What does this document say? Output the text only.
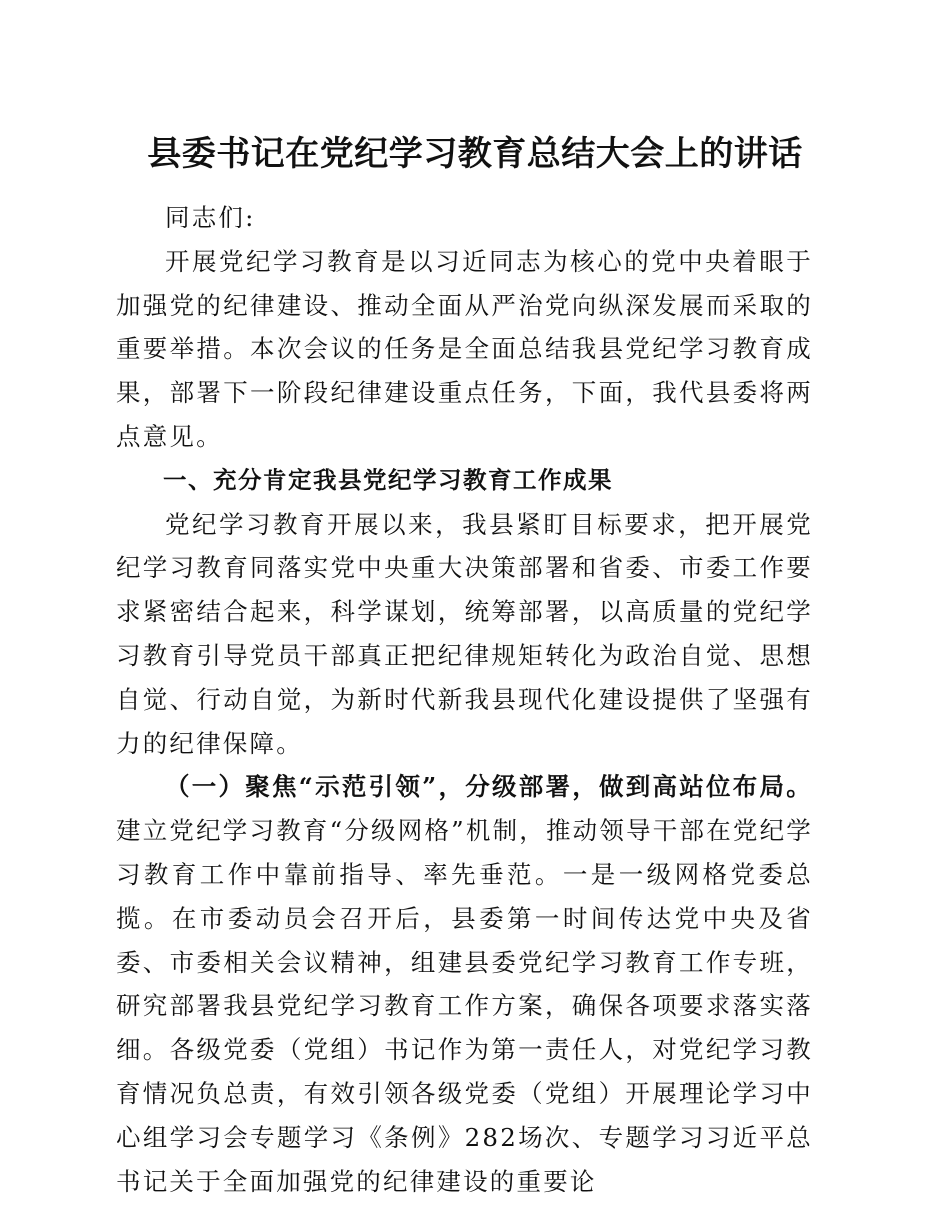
县委书记在党纪学习教育总结大会上的讲话

同志们:

开展党纪学习教育是以习近同志为核心的党中央着眼于加强党的纪律建设、推动全面从严治党向纵深发展而采取的重要举措。本次会议的任务是全面总结我县党纪学习教育成果，部署下一阶段纪律建设重点任务，下面，我代县委将两点意见。

一、充分肯定我县党纪学习教育工作成果

党纪学习教育开展以来，我县紧盯目标要求，把开展党纪学习教育同落实党中央重大决策部署和省委、市委工作要求紧密结合起来，科学谋划，统筹部署，以高质量的党纪学习教育引导党员干部真正把纪律规矩转化为政治自觉、思想自觉、行动自觉，为新时代新我县现代化建设提供了坚强有力的纪律保障。

（一）聚焦“示范引领”，分级部署，做到高站位布局。建立党纪学习教育“分级网格”机制，推动领导干部在党纪学习教育工作中靠前指导、率先垂范。一是一级网格党委总揽。在市委动员会召开后，县委第一时间传达党中央及省委、市委相关会议精神，组建县委党纪学习教育工作专班，研究部署我县党纪学习教育工作方案，确保各项要求落实落细。各级党委（党组）书记作为第一责任人，对党纪学习教育情况负总责，有效引领各级党委（党组）开展理论学习中心组学习会专题学习《条例》282场次、专题学习习近平总书记关于全面加强党的纪律建设的重要论
